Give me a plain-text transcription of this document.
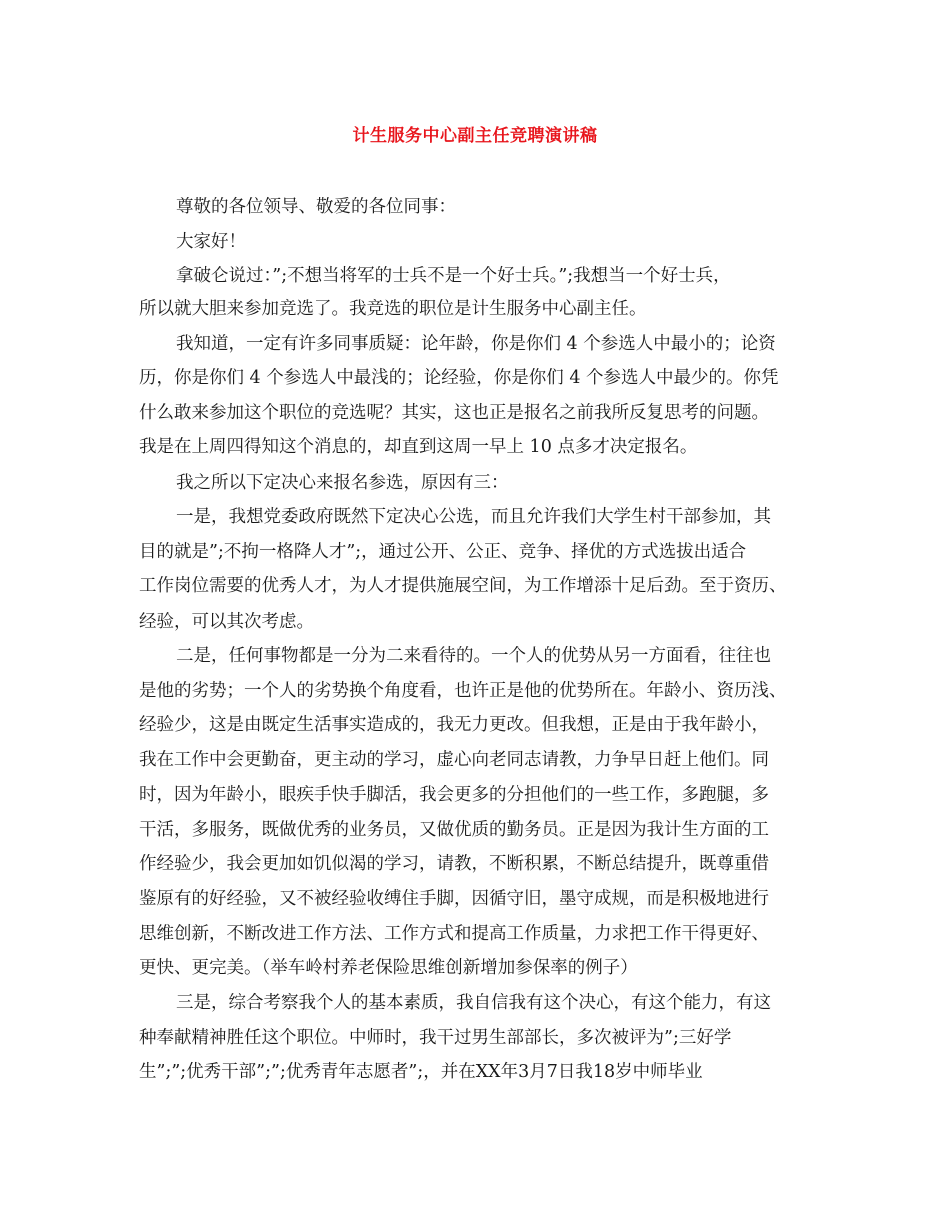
计生服务中心副主任竞聘演讲稿
尊敬的各位领导、敬爱的各位同事：
大家好！
拿破仑说过：”;不想当将军的士兵不是一个好士兵。”;我想当一个好士兵，
所以就大胆来参加竞选了。我竞选的职位是计生服务中心副主任。
我知道，一定有许多同事质疑：论年龄，你是你们 4 个参选人中最小的；论资
历，你是你们 4 个参选人中最浅的；论经验，你是你们 4 个参选人中最少的。你凭
什么敢来参加这个职位的竞选呢？其实，这也正是报名之前我所反复思考的问题。
我是在上周四得知这个消息的，却直到这周一早上 10 点多才决定报名。
我之所以下定决心来报名参选，原因有三：
一是，我想党委政府既然下定决心公选，而且允许我们大学生村干部参加，其
目的就是”;不拘一格降人才”;，通过公开、公正、竞争、择优的方式选拔出适合
工作岗位需要的优秀人才，为人才提供施展空间，为工作增添十足后劲。至于资历、
经验，可以其次考虑。
二是，任何事物都是一分为二来看待的。一个人的优势从另一方面看，往往也
是他的劣势；一个人的劣势换个角度看，也许正是他的优势所在。年龄小、资历浅、
经验少，这是由既定生活事实造成的，我无力更改。但我想，正是由于我年龄小，
我在工作中会更勤奋，更主动的学习，虚心向老同志请教，力争早日赶上他们。同
时，因为年龄小，眼疾手快手脚活，我会更多的分担他们的一些工作，多跑腿，多
干活，多服务，既做优秀的业务员，又做优质的勤务员。正是因为我计生方面的工
作经验少，我会更加如饥似渴的学习，请教，不断积累，不断总结提升，既尊重借
鉴原有的好经验，又不被经验收缚住手脚，因循守旧，墨守成规，而是积极地进行
思维创新，不断改进工作方法、工作方式和提高工作质量，力求把工作干得更好、
更快、更完美。（举车岭村养老保险思维创新增加参保率的例子）
三是，综合考察我个人的基本素质，我自信我有这个决心，有这个能力，有这
种奉献精神胜任这个职位。中师时，我干过男生部部长，多次被评为”;三好学
生”;”;优秀干部”;”;优秀青年志愿者”;，并在XX年3月7日我18岁中师毕业
